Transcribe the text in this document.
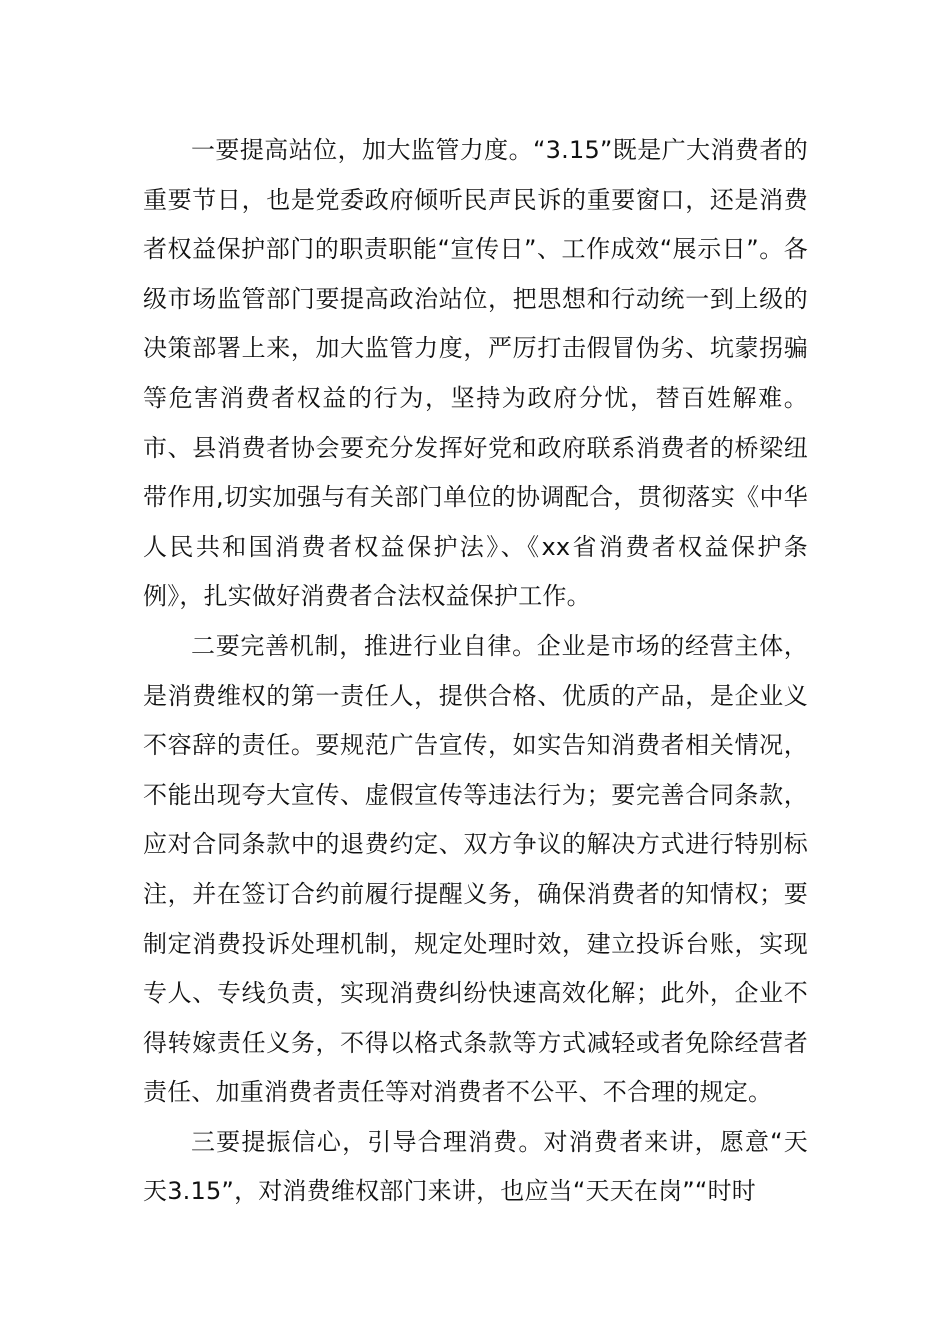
一要提高站位，加大监管力度。“3.15”既是广大消费者的重要节日，也是党委政府倾听民声民诉的重要窗口，还是消费者权益保护部门的职责职能“宣传日”、工作成效“展示日”。各级市场监管部门要提高政治站位，把思想和行动统一到上级的决策部署上来，加大监管力度，严厉打击假冒伪劣、坑蒙拐骗等危害消费者权益的行为，坚持为政府分忧，替百姓解难。市、县消费者协会要充分发挥好党和政府联系消费者的桥梁纽带作用,切实加强与有关部门单位的协调配合，贯彻落实《中华人民共和国消费者权益保护法》、《xx省消费者权益保护条例》，扎实做好消费者合法权益保护工作。

二要完善机制，推进行业自律。企业是市场的经营主体，是消费维权的第一责任人，提供合格、优质的产品，是企业义不容辞的责任。要规范广告宣传，如实告知消费者相关情况，不能出现夸大宣传、虚假宣传等违法行为；要完善合同条款，应对合同条款中的退费约定、双方争议的解决方式进行特别标注，并在签订合约前履行提醒义务，确保消费者的知情权；要制定消费投诉处理机制，规定处理时效，建立投诉台账，实现专人、专线负责，实现消费纠纷快速高效化解；此外，企业不得转嫁责任义务，不得以格式条款等方式减轻或者免除经营者责任、加重消费者责任等对消费者不公平、不合理的规定。

三要提振信心，引导合理消费。对消费者来讲，愿意“天天3.15”，对消费维权部门来讲，也应当“天天在岗”“时时
